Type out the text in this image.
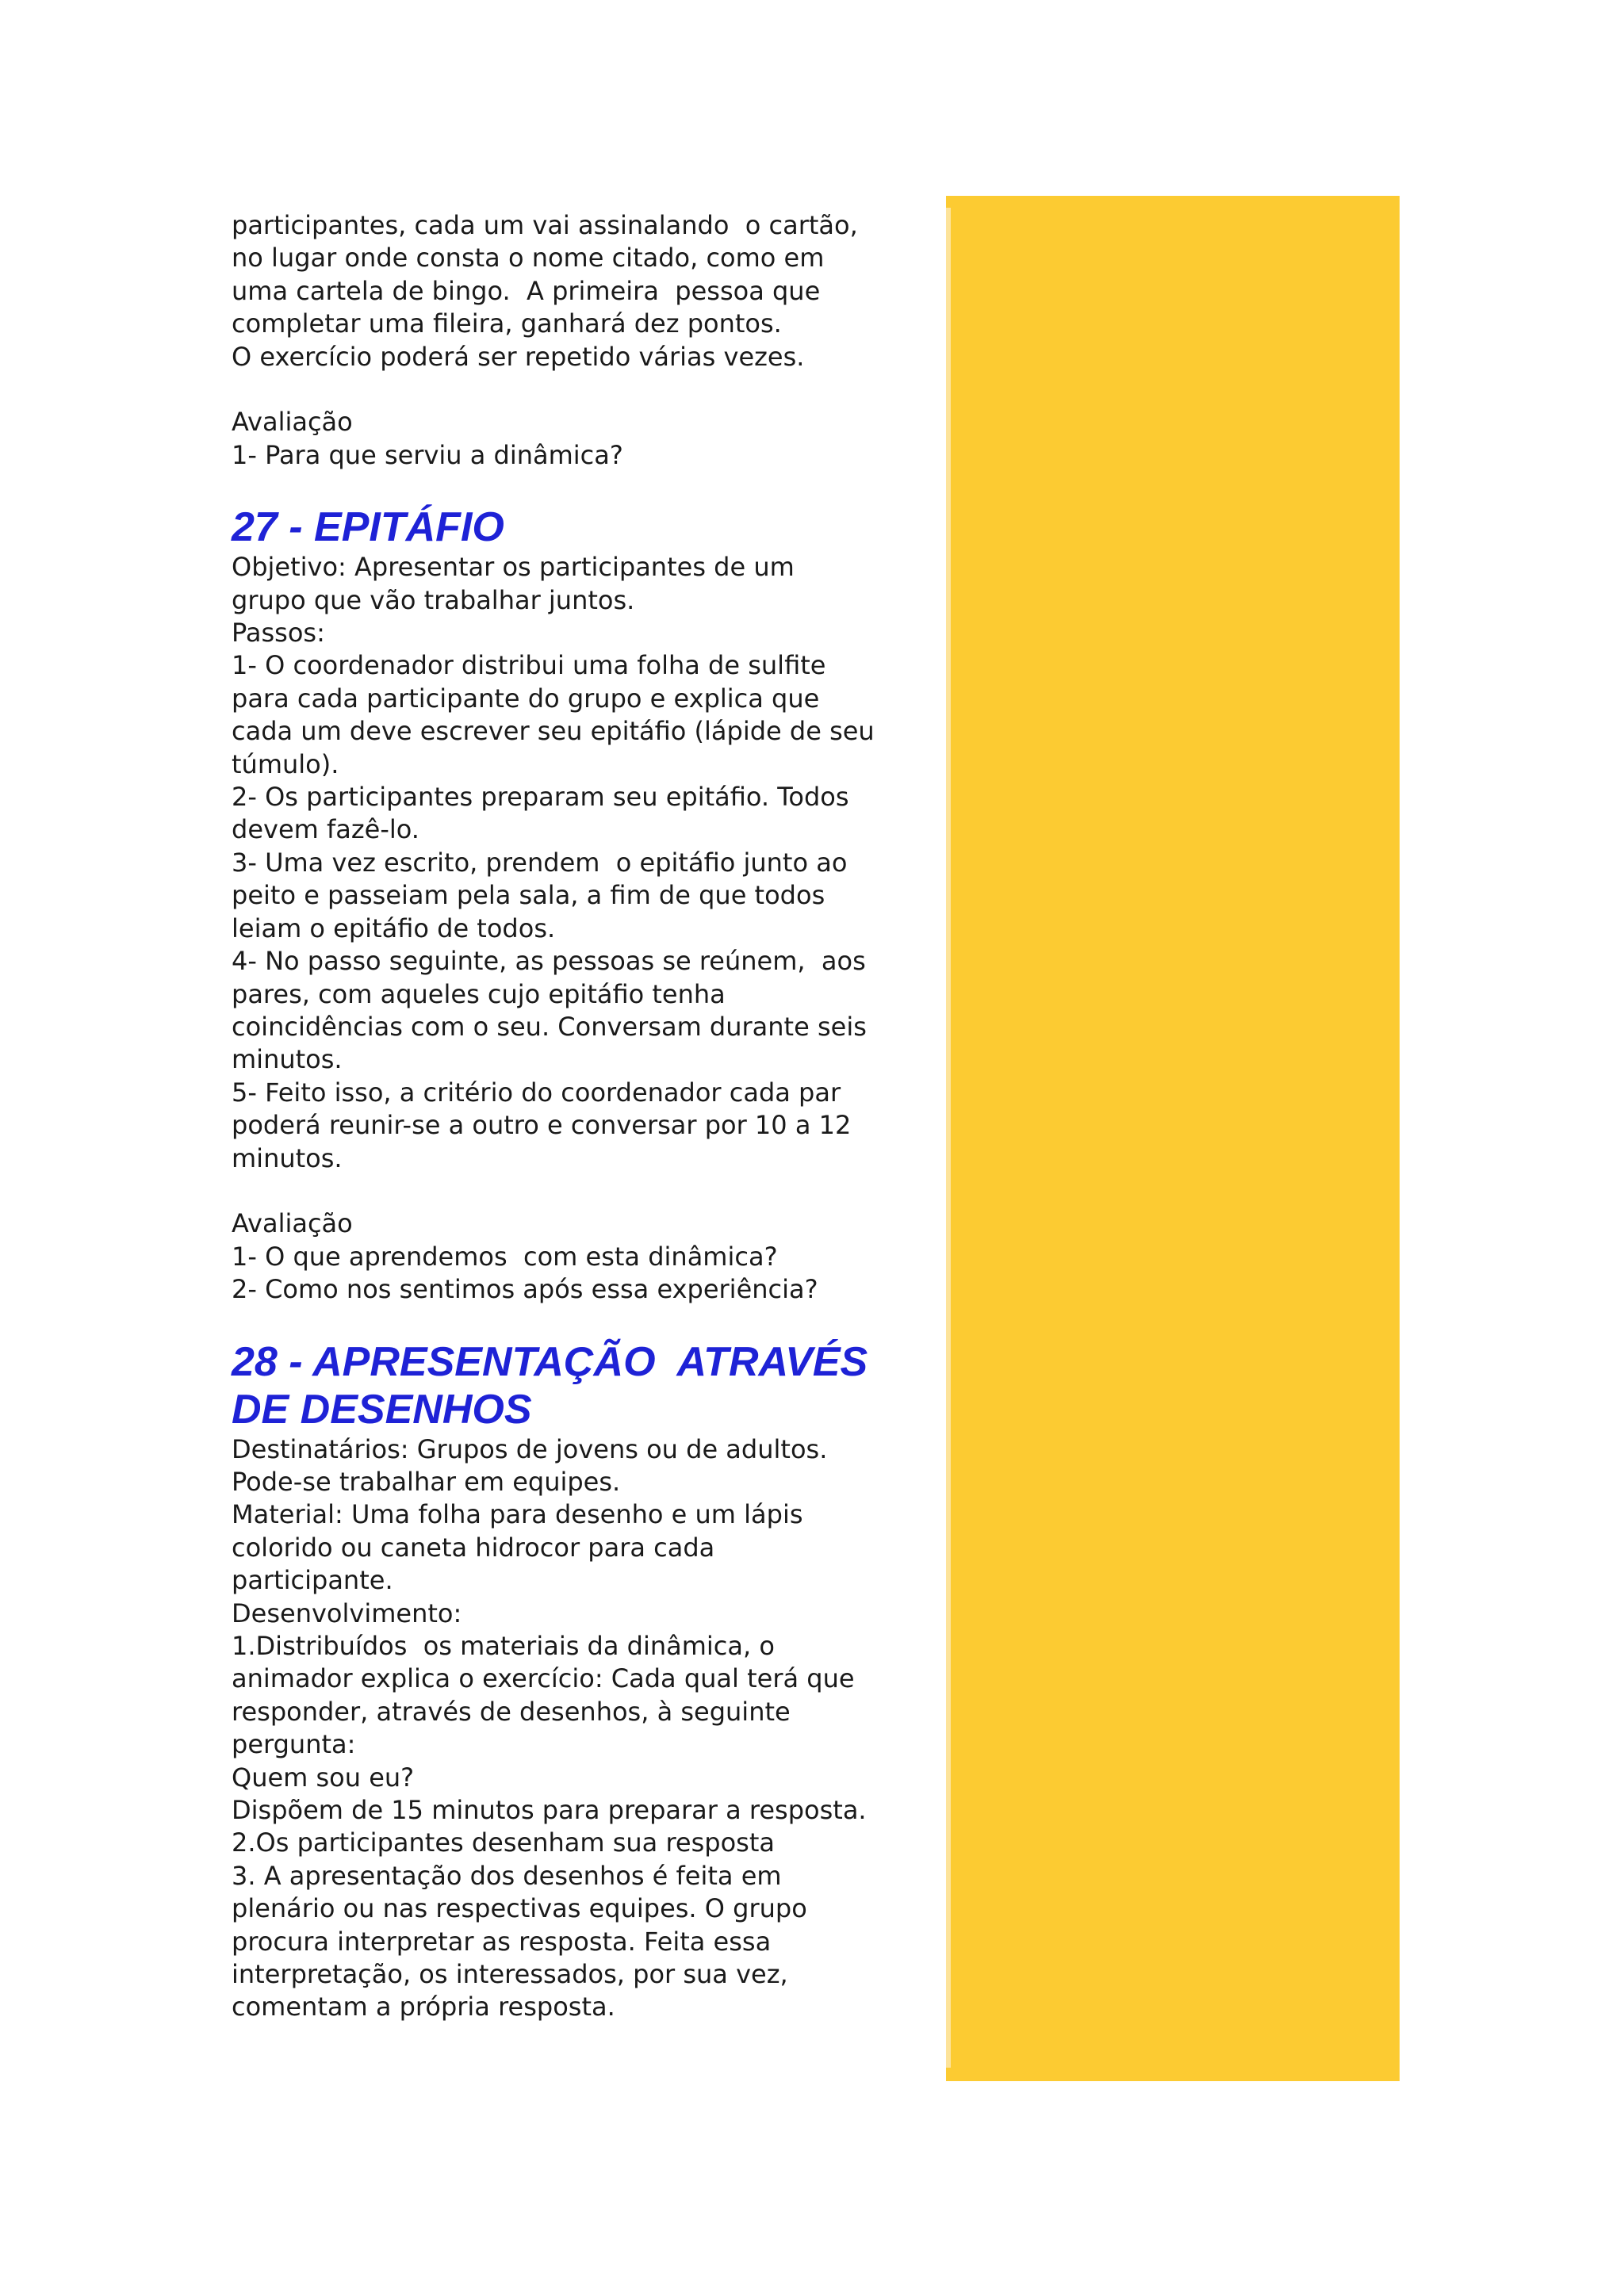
participantes, cada um vai assinalando  o cartão,
no lugar onde consta o nome citado, como em
uma cartela de bingo.  A primeira  pessoa que
completar uma fileira, ganhará dez pontos.
O exercício poderá ser repetido várias vezes.
Avaliação
1- Para que serviu a dinâmica?
27 - EPITÁFIO
Objetivo: Apresentar os participantes de um
grupo que vão trabalhar juntos.
Passos:
1- O coordenador distribui uma folha de sulfite
para cada participante do grupo e explica que
cada um deve escrever seu epitáfio (lápide de seu
túmulo).
2- Os participantes preparam seu epitáfio. Todos
devem fazê-lo.
3- Uma vez escrito, prendem  o epitáfio junto ao
peito e passeiam pela sala, a fim de que todos
leiam o epitáfio de todos.
4- No passo seguinte, as pessoas se reúnem,  aos
pares, com aqueles cujo epitáfio tenha
coincidências com o seu. Conversam durante seis
minutos.
5- Feito isso, a critério do coordenador cada par
poderá reunir-se a outro e conversar por 10 a 12
minutos.
Avaliação
1- O que aprendemos  com esta dinâmica?
2- Como nos sentimos após essa experiência?
28 - APRESENTAÇÃO  ATRAVÉS
DE DESENHOS
Destinatários: Grupos de jovens ou de adultos.
Pode-se trabalhar em equipes.
Material: Uma folha para desenho e um lápis
colorido ou caneta hidrocor para cada
participante.
Desenvolvimento:
1.Distribuídos  os materiais da dinâmica, o
animador explica o exercício: Cada qual terá que
responder, através de desenhos, à seguinte
pergunta:
Quem sou eu?
Dispõem de 15 minutos para preparar a resposta.
2.Os participantes desenham sua resposta
3. A apresentação dos desenhos é feita em
plenário ou nas respectivas equipes. O grupo
procura interpretar as resposta. Feita essa
interpretação, os interessados, por sua vez,
comentam a própria resposta.
